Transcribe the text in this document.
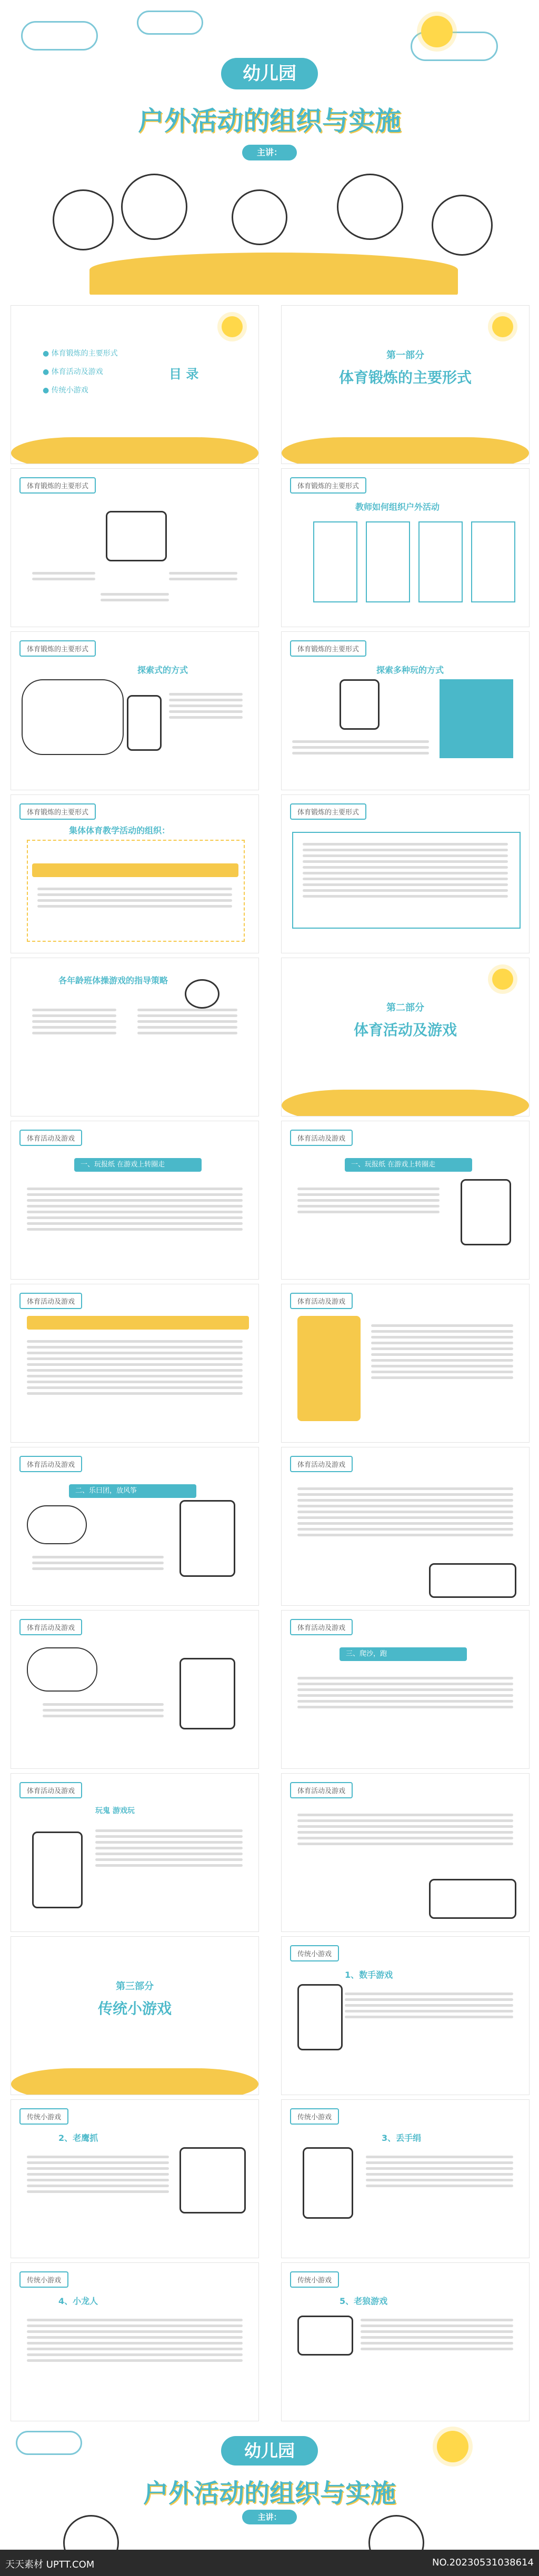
幼儿园
户外活动的组织与实施
主讲：
目 录
● 体育锻炼的主要形式
● 体育活动及游戏
● 传统小游戏
第一部分
体育锻炼的主要形式
体育锻炼的主要形式	体育锻炼的主要形式
教师如何组织户外活动
体育锻炼的主要形式
探索式的方式
体育锻炼的主要形式
探索多种玩的方式
体育锻炼的主要形式
集体体育教学活动的组织：
体育锻炼的主要形式
各年龄班体操游戏的指导策略
第二部分
体育活动及游戏
体育活动及游戏
一、玩报纸 在游戏上转圈走
体育活动及游戏
一、玩报纸 在游戏上转圈走
体育活动及游戏	体育活动及游戏
体育活动及游戏
二、乐曰团，放风筝
体育活动及游戏
体育活动及游戏	体育活动及游戏
三、爬沙，跑
体育活动及游戏
玩鬼 游戏玩
体育活动及游戏
第三部分
传统小游戏
传统小游戏
1、数手游戏
传统小游戏
2、老鹰抓
传统小游戏
3、丢手绢
传统小游戏
4、小龙人
传统小游戏
5、老狼游戏
幼儿园
户外活动的组织与实施
主讲：
天天素材 UPTT.COM	NO.20230531038614
